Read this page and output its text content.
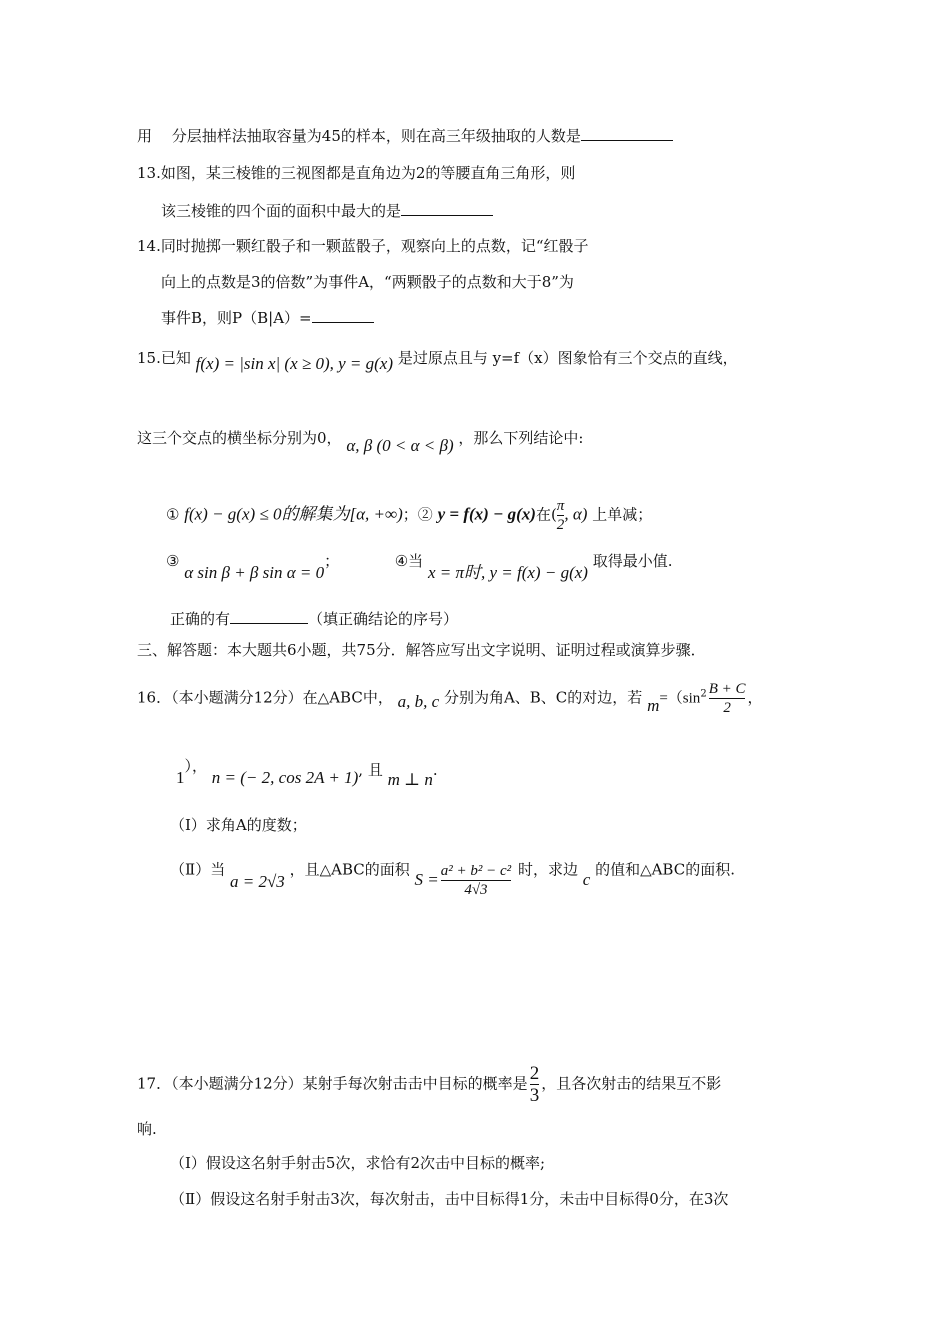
用　 分层抽样法抽取容量为45的样本，则在高三年级抽取的人数是
13.如图，某三棱锥的三视图都是直角边为2的等腰直角三角形，则
该三棱锥的四个面的面积中最大的是
14.同时抛掷一颗红骰子和一颗蓝骰子，观察向上的点数，记“红骰子
向上的点数是3的倍数”为事件A，“两颗骰子的点数和大于8”为
事件B，则P（B|A）=
15.已知 f(x) = |sin x| (x ≥ 0), y = g(x) 是过原点且与 y=f（x）图象恰有三个交点的直线，
这三个交点的横坐标分别为0， α, β (0 < α < β) ，那么下列结论中:
① f(x) − g(x) ≤ 0的解集为[α, +∞)；② y = f(x) − g(x)在( $\frac{\pi}{2}$ , α) 上单减；
③ α sin β + β sin α = 0；	④当 x = π时, y = f(x) − g(x) 取得最小值.
正确的有	（填正确结论的序号）
三、解答题：本大题共6小题，共75分．解答应写出文字说明、证明过程或演算步骤．
16．（本小题满分12分）在△ABC中， a, b, c 分别为角A、B、C的对边，若 $m=(\sin^2 \frac{B + C}{2}$ ，
1）， n = (− 2, cos 2A + 1), 且 m ⊥ n.
（Ⅰ）求角A的度数；
（Ⅱ）当 a = 2√3 ，且△ABC的面积 $S = \frac{\text{a² + b² − c²}}{4√3}$ 时，求边 c 的值和△ABC的面积.
17．（本小题满分12分）某射手每次射击击中目标的概率是 $\frac{2}{3}$ ，且各次射击的结果互不影
响.
（Ⅰ）假设这名射手射击5次，求恰有2次击中目标的概率;
（Ⅱ）假设这名射手射击3次，每次射击，击中目标得1分，未击中目标得0分，在3次
